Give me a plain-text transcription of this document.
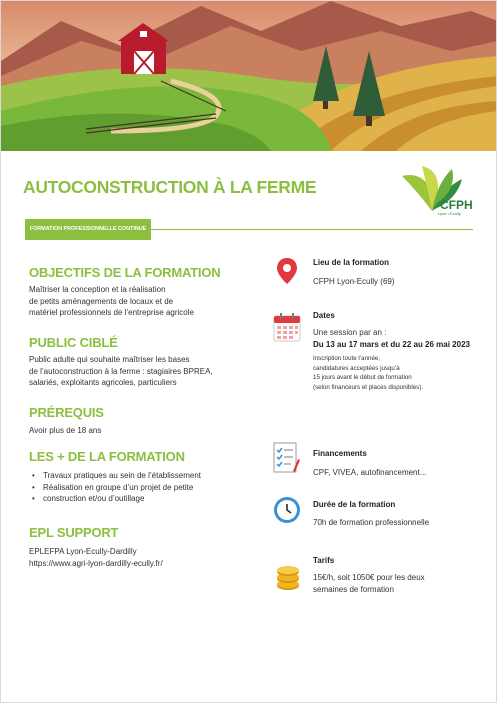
AUTOCONSTRUCTION À LA FERME
CFPH
Lyon • Ecully
FORMATION PROFESSIONNELLE CONTINUE
OBJECTIFS DE LA FORMATION

Maîtriser la conception et la réalisation
de petits aménagements de locaux et de
matériel professionnels de l’entreprise agricole

PUBLIC CIBLÉ

Public adulte qui souhaite maîtriser les bases
de l’autoconstruction à la ferme : stagiaires BPREA,
salariés, exploitants agricoles, particuliers

PRÉREQUIS

Avoir plus de 18 ans

LES + DE LA FORMATION
• Travaux pratiques au sein de l’établissement
• Réalisation en groupe d’un projet de petite
• construction et/ou d’outillage
EPL SUPPORT

EPLEFPA Lyon-Ecully-Dardilly
https://www.agri-lyon-dardilly-ecully.fr/

Lieu de la formation

CFPH Lyon-Ecully (69)

Dates

Une session par an :

Du 13 au 17 mars et du 22 au 26 mai 2023

Inscription toute l’année,
candidatures acceptées jusqu’à
15 jours avant le début de formation
(selon financeurs et places disponibles).

Financements

CPF, VIVEA, autofinancement...

Durée de la formation

70h de formation professionnelle

Tarifs

15€/h, soit 1050€ pour les deux
semaines de formation
